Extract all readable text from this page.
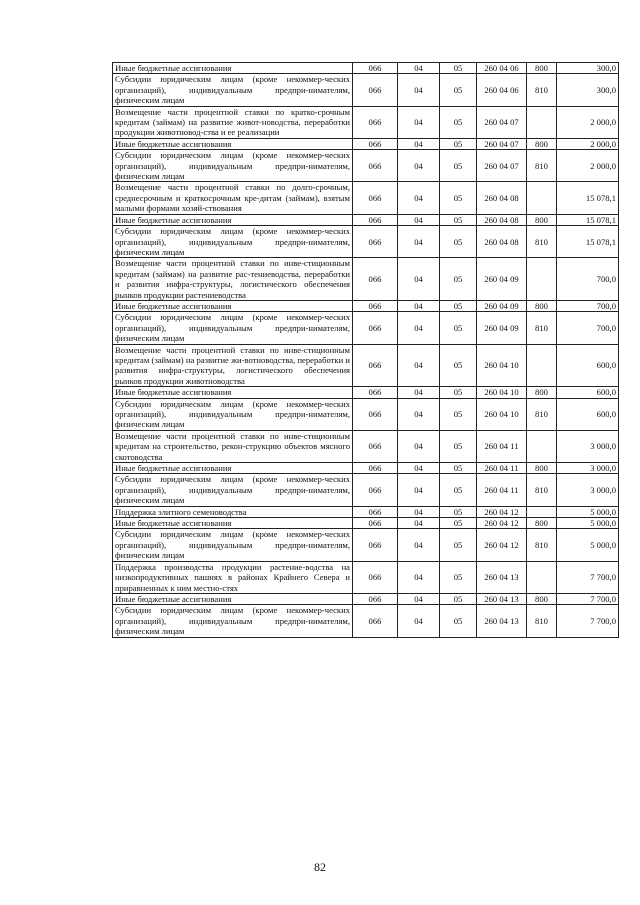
Иные бюджетные ассигнования	066	04	05	260 04 06	800	300,0
Субсидии юридическим лицам (кроме некоммер-ческих организаций), индивидуальным предпри-нимателям, физическим лицам	066	04	05	260 04 06	810	300,0
Возмещение части процентной ставки по кратко-срочным кредитам (займам) на развитие живот-новодства, переработки продукции животновод-ства и ее реализации	066	04	05	260 04 07		2 000,0
Иные бюджетные ассигнования	066	04	05	260 04 07	800	2 000,0
Субсидии юридическим лицам (кроме некоммер-ческих организаций), индивидуальным предпри-нимателям, физическим лицам	066	04	05	260 04 07	810	2 000,0
Возмещение части процентной ставки по долго-срочным, среднесрочным и краткосрочным кре-дитам (займам), взятым малыми формами хозяй-ствования	066	04	05	260 04 08		15 078,1
Иные бюджетные ассигнования	066	04	05	260 04 08	800	15 078,1
Субсидии юридическим лицам (кроме некоммер-ческих организаций), индивидуальным предпри-нимателям, физическим лицам	066	04	05	260 04 08	810	15 078,1
Возмещение части процентной ставки по инве-стиционным кредитам (займам) на развитие рас-тениеводства, переработки и развития инфра-структуры, логистического обеспечения рынков продукции растениеводства	066	04	05	260 04 09		700,0
Иные бюджетные ассигнования	066	04	05	260 04 09	800	700,0
Субсидии юридическим лицам (кроме некоммер-ческих организаций), индивидуальным предпри-нимателям, физическим лицам	066	04	05	260 04 09	810	700,0
Возмещение части процентной ставки по инве-стиционным кредитам (займам) на развитие жи-вотноводства, переработки и развития инфра-структуры, логистического обеспечения рынков продукции животноводства	066	04	05	260 04 10		600,0
Иные бюджетные ассигнования	066	04	05	260 04 10	800	600,0
Субсидии юридическим лицам (кроме некоммер-ческих организаций), индивидуальным предпри-нимателям, физическим лицам	066	04	05	260 04 10	810	600,0
Возмещение части процентной ставки по инве-стиционным кредитам на строительство, рекон-струкцию объектов мясного скотоводства	066	04	05	260 04 11		3 000,0
Иные бюджетные ассигнования	066	04	05	260 04 11	800	3 000,0
Субсидии юридическим лицам (кроме некоммер-ческих организаций), индивидуальным предпри-нимателям, физическим лицам	066	04	05	260 04 11	810	3 000,0
Поддержка элитного семеноводства	066	04	05	260 04 12		5 000,0
Иные бюджетные ассигнования	066	04	05	260 04 12	800	5 000,0
Субсидии юридическим лицам (кроме некоммер-ческих организаций), индивидуальным предпри-нимателям, физическим лицам	066	04	05	260 04 12	810	5 000,0
Поддержка производства продукции растение-водства на низкопродуктивных пашнях в районах Крайнего Севера и приравненных к ним местно-стях	066	04	05	260 04 13		7 700,0
Иные бюджетные ассигнования	066	04	05	260 04 13	800	7 700,0
Субсидии юридическим лицам (кроме некоммер-ческих организаций), индивидуальным предпри-нимателям, физическим лицам	066	04	05	260 04 13	810	7 700,0
82
